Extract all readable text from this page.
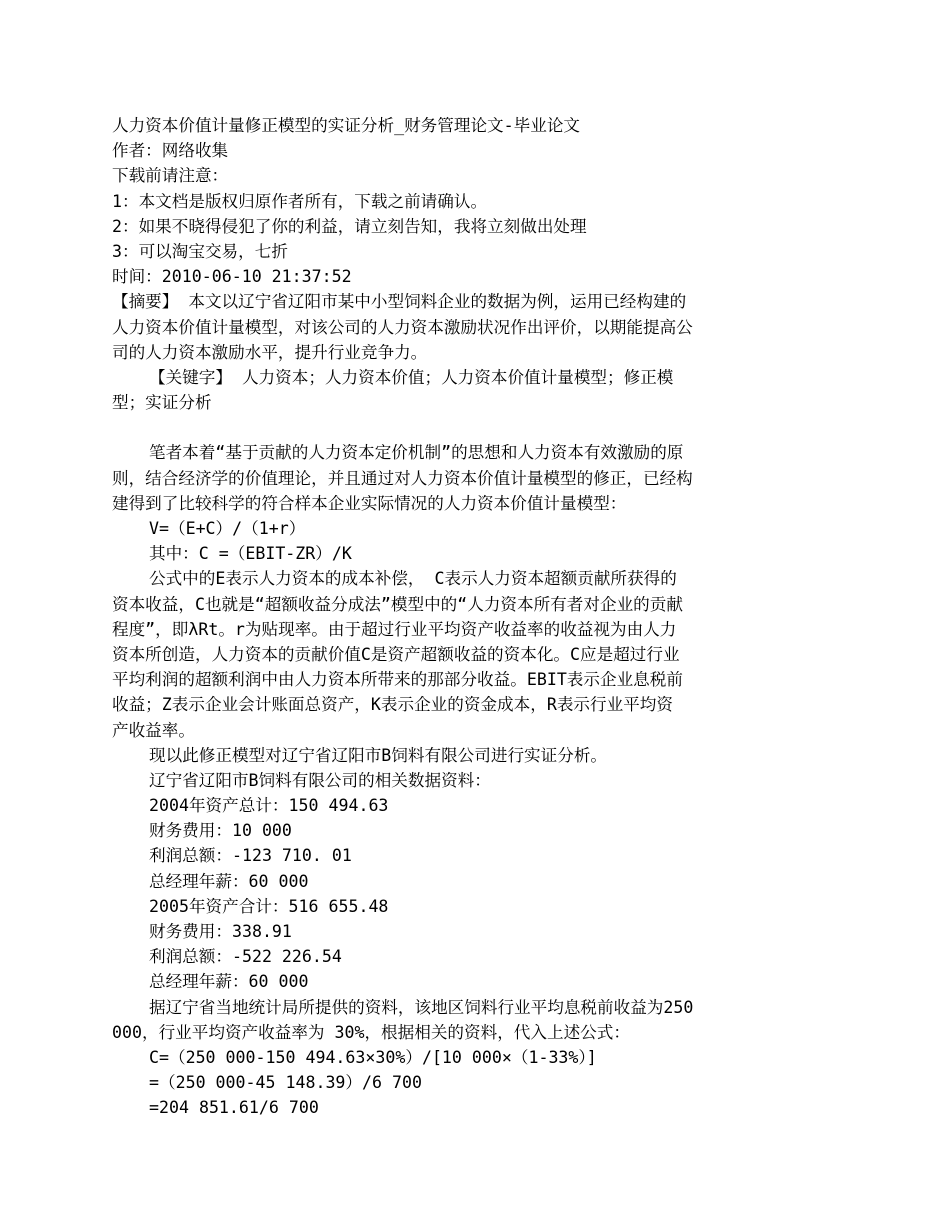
人力资本价值计量修正模型的实证分析_财务管理论文-毕业论文
作者：网络收集
下载前请注意：
1：本文档是版权归原作者所有，下载之前请确认。
2：如果不晓得侵犯了你的利益，请立刻告知，我将立刻做出处理
3：可以淘宝交易，七折
时间：2010-06-10 21:37:52
【摘要】 本文以辽宁省辽阳市某中小型饲料企业的数据为例，运用已经构建的
人力资本价值计量模型，对该公司的人力资本激励状况作出评价，以期能提高公
司的人力资本激励水平，提升行业竞争力。
【关键字】 人力资本；人力资本价值；人力资本价值计量模型；修正模
型；实证分析
笔者本着“基于贡献的人力资本定价机制”的思想和人力资本有效激励的原
则，结合经济学的价值理论，并且通过对人力资本价值计量模型的修正，已经构
建得到了比较科学的符合样本企业实际情况的人力资本价值计量模型：
V=（E+C）/（1+r）
其中：C =（EBIT-ZR）/K
公式中的E表示人力资本的成本补偿， C表示人力资本超额贡献所获得的
资本收益，C也就是“超额收益分成法”模型中的“人力资本所有者对企业的贡献
程度”，即λRt。r为贴现率。由于超过行业平均资产收益率的收益视为由人力
资本所创造，人力资本的贡献价值C是资产超额收益的资本化。C应是超过行业
平均利润的超额利润中由人力资本所带来的那部分收益。EBIT表示企业息税前
收益；Z表示企业会计账面总资产，K表示企业的资金成本，R表示行业平均资
产收益率。
现以此修正模型对辽宁省辽阳市B饲料有限公司进行实证分析。
辽宁省辽阳市B饲料有限公司的相关数据资料：
2004年资产总计：150 494.63
财务费用：10 000
利润总额：-123 710. 01
总经理年薪：60 000
2005年资产合计：516 655.48
财务费用：338.91
利润总额：-522 226.54
总经理年薪：60 000
据辽宁省当地统计局所提供的资料，该地区饲料行业平均息税前收益为250
000，行业平均资产收益率为 30%，根据相关的资料，代入上述公式：
C=（250 000-150 494.63×30%）/[10 000×（1-33%）]
=（250 000-45 148.39）/6 700
=204 851.61/6 700
